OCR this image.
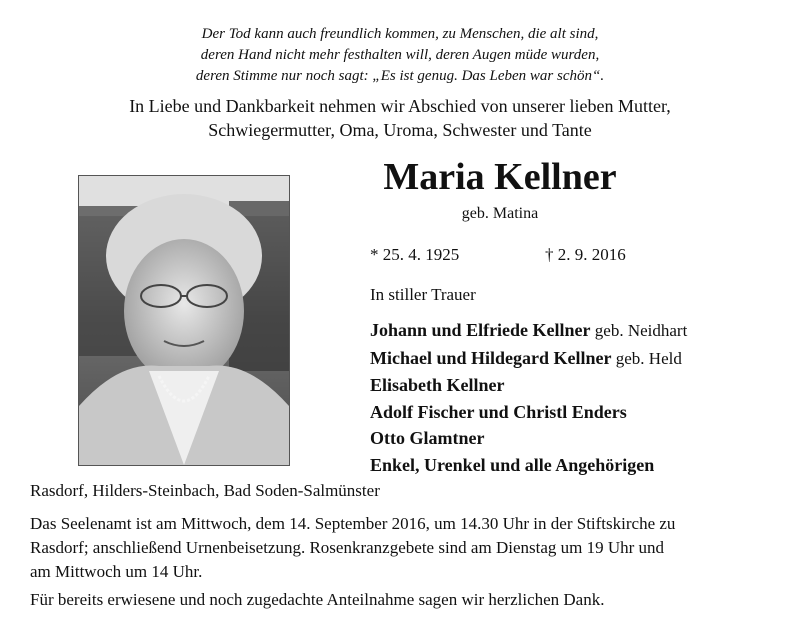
Der Tod kann auch freundlich kommen, zu Menschen, die alt sind,
deren Hand nicht mehr festhalten will, deren Augen müde wurden,
deren Stimme nur noch sagt: „Es ist genug. Das Leben war schön“.
In Liebe und Dankbarkeit nehmen wir Abschied von unserer lieben Mutter,
Schwiegermutter, Oma, Uroma, Schwester und Tante
Maria Kellner
geb. Matina
* 25. 4. 1925	† 2. 9. 2016
In stiller Trauer
Johann und Elfriede Kellner geb. Neidhart
Michael und Hildegard Kellner geb. Held
Elisabeth Kellner
Adolf Fischer und Christl Enders
Otto Glamtner
Enkel, Urenkel und alle Angehörigen
Rasdorf, Hilders-Steinbach, Bad Soden-Salmünster
Das Seelenamt ist am Mittwoch, dem 14. September 2016, um 14.30 Uhr in der Stiftskirche zu
Rasdorf; anschließend Urnenbeisetzung. Rosenkranzgebete sind am Dienstag um 19 Uhr und
am Mittwoch um 14 Uhr.
Für bereits erwiesene und noch zugedachte Anteilnahme sagen wir herzlichen Dank.
